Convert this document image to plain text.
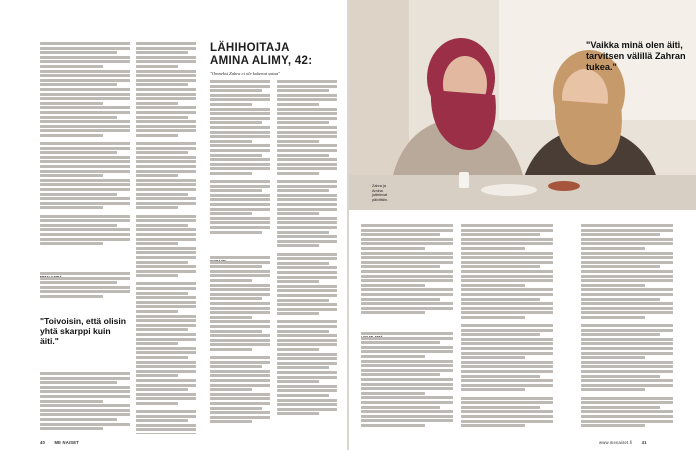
"Toivoisin, että olisin yhtä skarppi kuin äiti."
LÄHIHOITAJA
AMINA ALIMY, 42:
"Omneksi Zahra ei ole kokenut sotaa"
40 ME NAISET	www.menaiset.fi 41
Zahra ja Amina juttelevat päivittäin.
"Vaikka minä olen äiti, tarvitsen välillä Zahran tukea."
